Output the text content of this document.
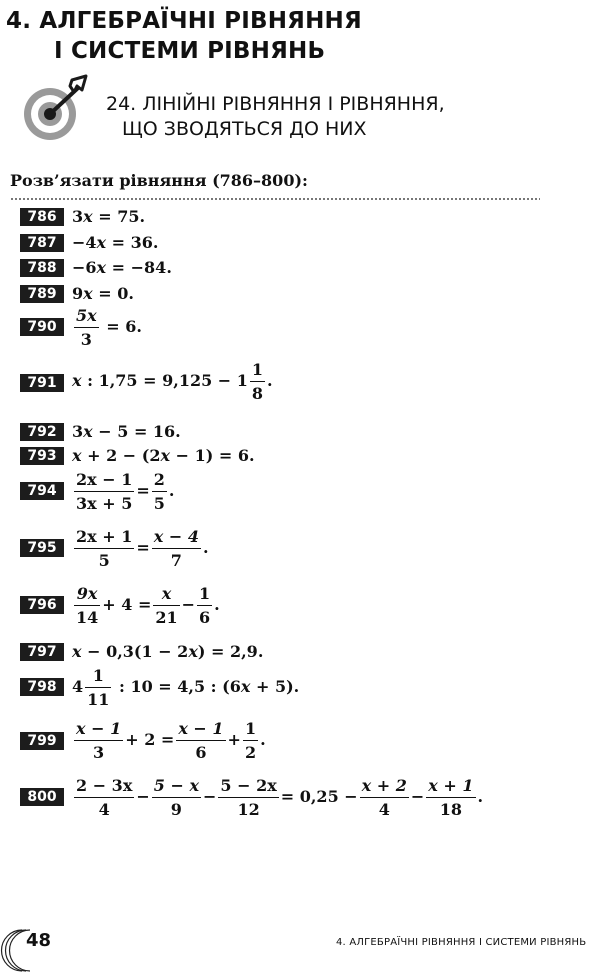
4. АЛГЕБРАЇЧНІ РІВНЯННЯ
І СИСТЕМИ РІВНЯНЬ
24. ЛІНІЙНІ РІВНЯННЯ І РІВНЯННЯ,
ЩО ЗВОДЯТЬСЯ ДО НИХ
Розв’язати рівняння (786–800):
786 3x = 75.
787 −4x = 36.
788 −6x = −84.
789 9x = 0.
790	$\frac{5x}{3} = 6$.
791 x : $1,75 = 9,125 - 1 \frac{1}{8}$ .
792 3x − 5 = 16.
793 x + 2 − (2x − 1) = 6.
794	$\frac{2x - 1}{3x + 5} = \frac{2}{5}$ .
795	$\frac{2x + 1}{5} = \frac{x - 4}{7}$ .
796	$\frac{9x}{14} + 4 = \frac{x}{21} - \frac{1}{6}$ .
797 x − 0,3(1 − 2x) = 2,9.
798 $4 \frac{1}{11}$ : 10 = 4,5 : (6x + 5).
799	$\frac{x - 1}{3} + 2 = \frac{x - 1}{6} + \frac{1}{2}$ .
800	$\frac{2 - 3x}{4} - \frac{5 - x}{9} - \frac{5 - 2x}{12} = 0,25 - \frac{x + 2}{4} - \frac{x + 1}{18}$ .
48	4. АЛГЕБРАЇЧНІ РІВНЯННЯ І СИСТЕМИ РІВНЯНЬ
